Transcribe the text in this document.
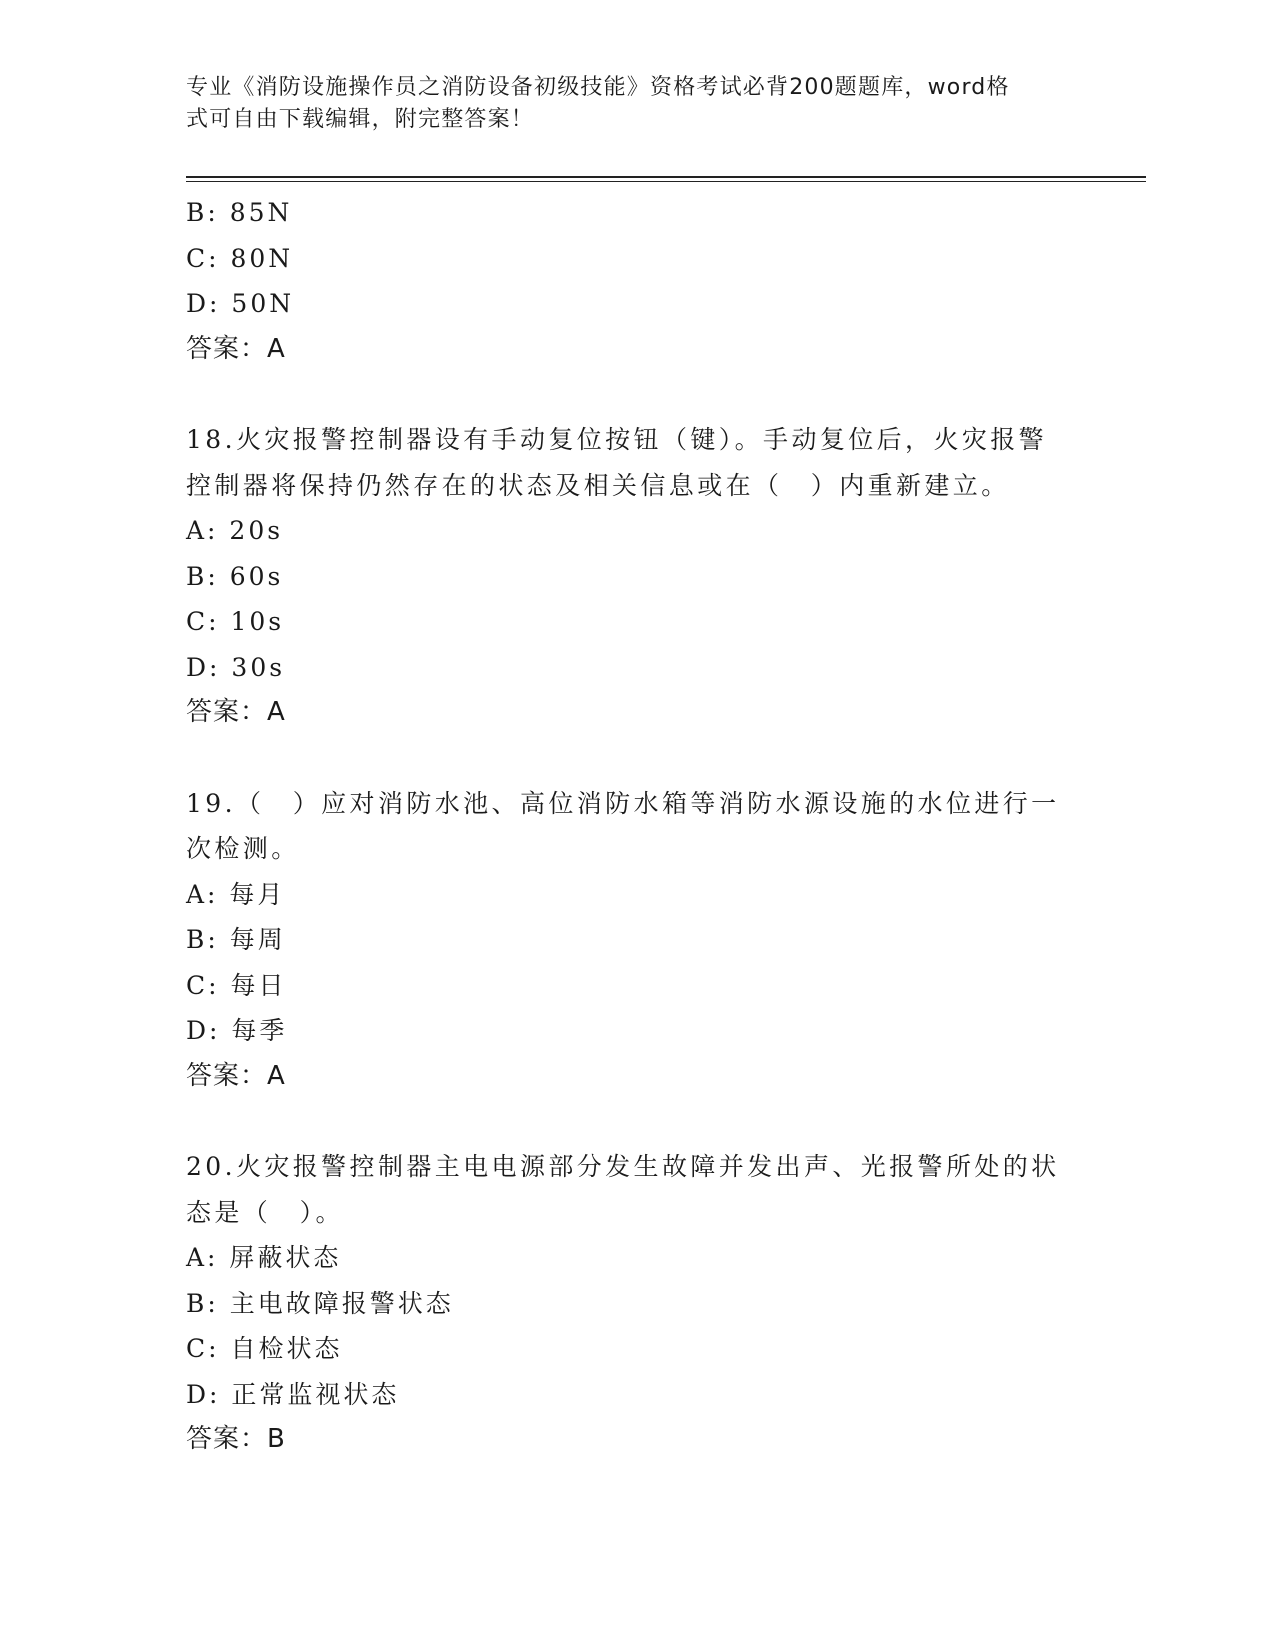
专业《消防设施操作员之消防设备初级技能》资格考试必背200题题库，word格
式可自由下载编辑，附完整答案！
B: 85N
C: 80N
D: 50N
答案：A
18.火灾报警控制器设有手动复位按钮（键）。手动复位后，火灾报警控制器将保持仍然存在的状态及相关信息或在（　）内重新建立。
A: 20s
B: 60s
C: 10s
D: 30s
答案：A
19.（　）应对消防水池、高位消防水箱等消防水源设施的水位进行一次检测。
A: 每月
B: 每周
C: 每日
D: 每季
答案：A
20.火灾报警控制器主电电源部分发生故障并发出声、光报警所处的状态是（　）。
A: 屏蔽状态
B: 主电故障报警状态
C: 自检状态
D: 正常监视状态
答案：B
